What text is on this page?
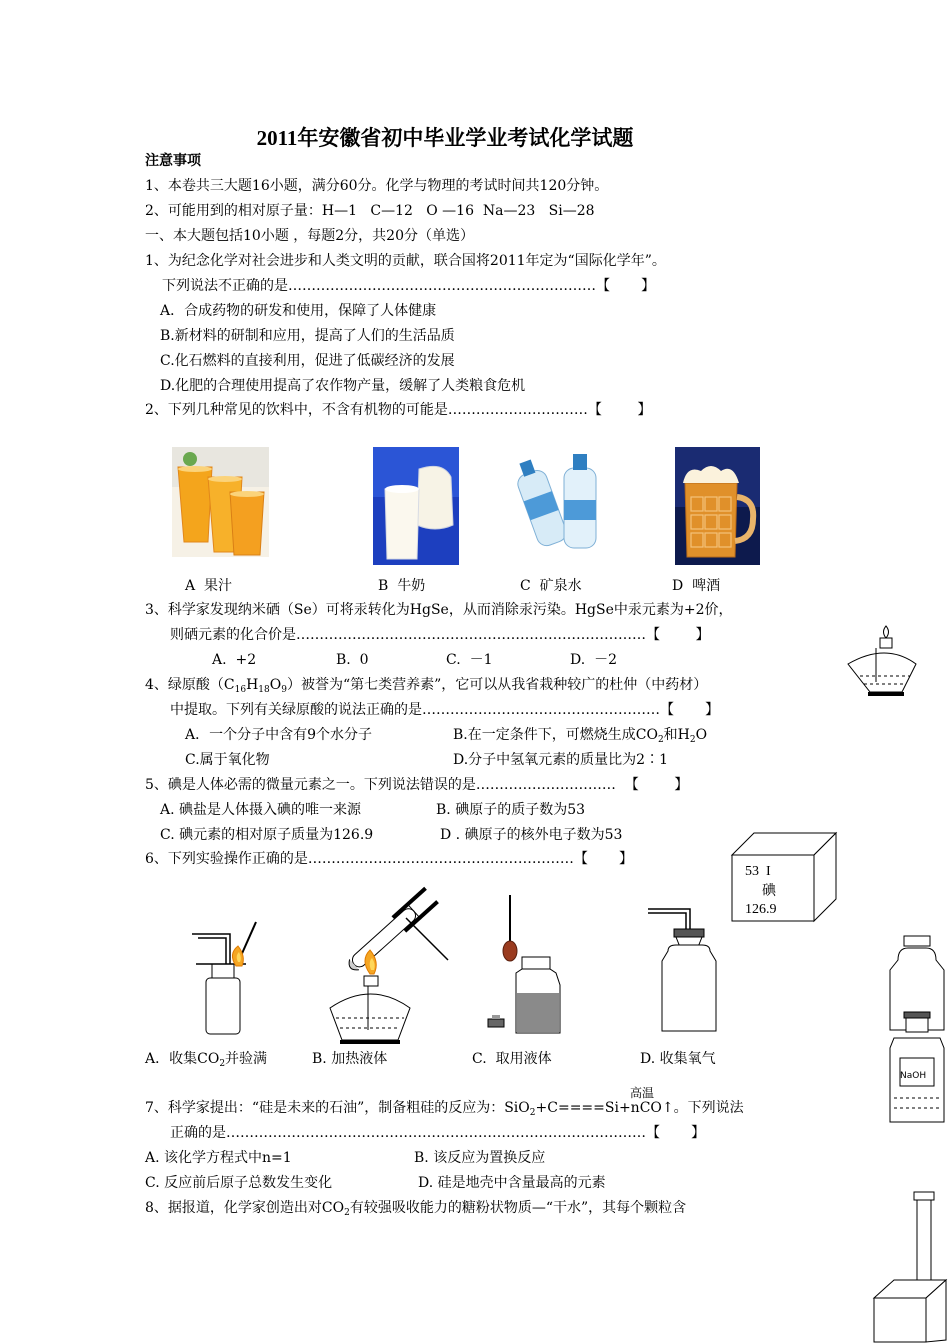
2011年安徽省初中毕业学业考试化学试题
注意事项
1、本卷共三大题16小题，满分60分。化学与物理的考试时间共120分钟。
2、可能用到的相对原子量：H—1   C—12   O —16  Na—23   Si—28
一、本大题包括10小题 ，每题2分，共20分（单选）
1、为纪念化学对社会进步和人类文明的贡献，联合国将2011年定为“国际化学年”。
下列说法不正确的是…………………………………………………………【       】
A．合成药物的研发和使用，保障了人体健康
B.新材料的研制和应用，提高了人们的生活品质
C.化石燃料的直接利用，促进了低碳经济的发展
D.化肥的合理使用提高了农作物产量，缓解了人类粮食危机
2、下列几种常见的饮料中，不含有机物的可能是…………………………【        】
A  果汁	B  牛奶	C  矿泉水	D  啤酒
3、科学家发现纳米硒（Se）可将汞转化为HgSe，从而消除汞污染。HgSe中汞元素为+2价，
则硒元素的化合价是…………………………………………………………………【        】
A.  +2	B.  0	C.  －1	D.  －2
4、绿原酸$(C_{16}H_{18}O_9)$被誉为“第七类营养素”，它可以从我省栽种较广的杜仲（中药材）
中提取。下列有关绿原酸的说法正确的是……………………………………………【       】
A．一个分子中含有9个水分子	B.在一定条件下，可燃烧生成$CO_2$和$H_2O$
C.属于氧化物	D.分子中氢氧元素的质量比为2∶1
5、碘是人体必需的微量元素之一。下列说法错误的是…………………………  【        】
A. 碘盐是人体摄入碘的唯一来源	B. 碘原子的质子数为53
C. 碘元素的相对原子质量为126.9	D . 碘原子的核外电子数为53
53  I
碘
126.9
6、下列实验操作正确的是…………………………………………………【       】
A．收集$CO_2$并验满	B. 加热液体	C.  取用液体	D. 收集氧气
NaOH
高温
7、科学家提出：“硅是未来的石油”，制备粗硅的反应为：SiO$_2$+C====Si+nCO↑。下列说法
正确的是………………………………………………………………………………【       】
A. 该化学方程式中n=1	B. 该反应为置换反应
C. 反应前后原子总数发生变化	D. 硅是地壳中含量最高的元素
8、据报道，化学家创造出对$CO_2$有较强吸收能力的糖粉状物质—“干水”，其每个颗粒含
